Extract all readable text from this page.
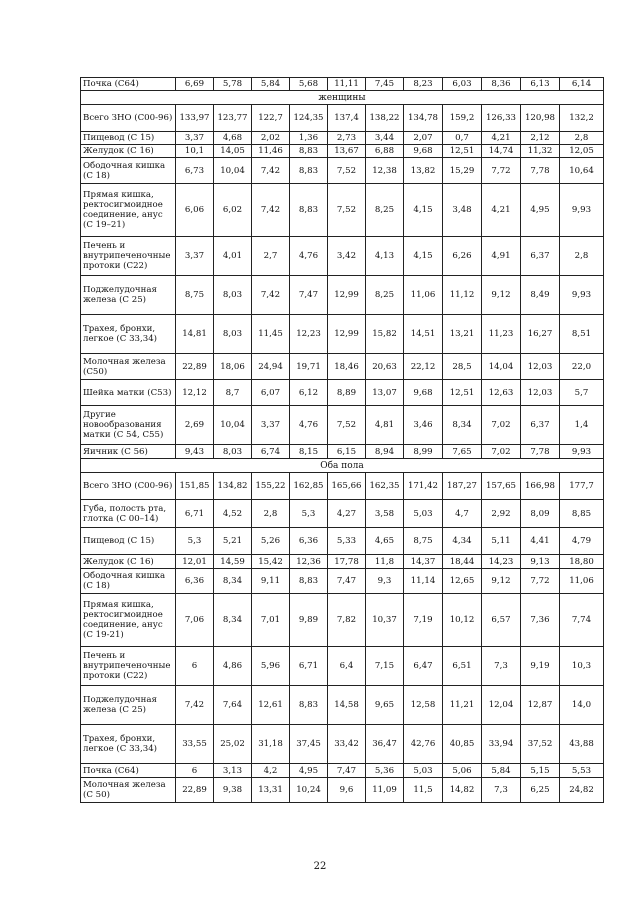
Почка (С64)	6,69	5,78	5,84	5,68	11,11	7,45	8,23	6,03	8,36	6,13	6,14
женщины											
Всего ЗНО (С00-96)	133,97	123,77	122,7	124,35	137,4	138,22	134,78	159,2	126,33	120,98	132,2
Пищевод (С 15)	3,37	4,68	2,02	1,36	2,73	3,44	2,07	0,7	4,21	2,12	2,8
Желудок (С 16)	10,1	14,05	11,46	8,83	13,67	6,88	9,68	12,51	14,74	11,32	12,05
Ободочная кишка (С 18)	6,73	10,04	7,42	8,83	7,52	12,38	13,82	15,29	7,72	7,78	10,64
Прямая кишка, ректосигмоидное соединение, анус (С 19–21)	6,06	6,02	7,42	8,83	7,52	8,25	4,15	3,48	4,21	4,95	9,93
Печень и внутрипеченочные протоки (С22)	3,37	4,01	2,7	4,76	3,42	4,13	4,15	6,26	4,91	6,37	2,8
Поджелудочная железа (С 25)	8,75	8,03	7,42	7,47	12,99	8,25	11,06	11,12	9,12	8,49	9,93
Трахея, бронхи, легкое (С 33,34)	14,81	8,03	11,45	12,23	12,99	15,82	14,51	13,21	11,23	16,27	8,51
Молочная железа (С50)	22,89	18,06	24,94	19,71	18,46	20,63	22,12	28,5	14,04	12,03	22,0
Шейка матки (С53)	12,12	8,7	6,07	6,12	8,89	13,07	9,68	12,51	12,63	12,03	5,7
Другие новообразования матки (С 54, С55)	2,69	10,04	3,37	4,76	7,52	4,81	3,46	8,34	7,02	6,37	1,4
Яичник (С 56)	9,43	8,03	6,74	8,15	6,15	8,94	8,99	7,65	7,02	7,78	9,93
Оба пола											
Всего ЗНО (С00-96)	151,85	134,82	155,22	162,85	165,66	162,35	171,42	187,27	157,65	166,98	177,7
Губа, полость рта, глотка (С 00–14)	6,71	4,52	2,8	5,3	4,27	3,58	5,03	4,7	2,92	8,09	8,85
Пищевод (С 15)	5,3	5,21	5,26	6,36	5,33	4,65	8,75	4,34	5,11	4,41	4,79
Желудок (С 16)	12,01	14,59	15,42	12,36	17,78	11,8	14,37	18,44	14,23	9,13	18,80
Ободочная кишка (С 18)	6,36	8,34	9,11	8,83	7,47	9,3	11,14	12,65	9,12	7,72	11,06
Прямая кишка, ректосигмоидное соединение, анус (С 19-21)	7,06	8,34	7,01	9,89	7,82	10,37	7,19	10,12	6,57	7,36	7,74
Печень и внутрипеченочные протоки (С22)	6	4,86	5,96	6,71	6,4	7,15	6,47	6,51	7,3	9,19	10,3
Поджелудочная железа (С 25)	7,42	7,64	12,61	8,83	14,58	9,65	12,58	11,21	12,04	12,87	14,0
Трахея, бронхи, легкое (С 33,34)	33,55	25,02	31,18	37,45	33,42	36,47	42,76	40,85	33,94	37,52	43,88
Почка (С64)	6	3,13	4,2	4,95	7,47	5,36	5,03	5,06	5,84	5,15	5,53
Молочная железа (С 50)	22,89	9,38	13,31	10,24	9,6	11,09	11,5	14,82	7,3	6,25	24,82
22
